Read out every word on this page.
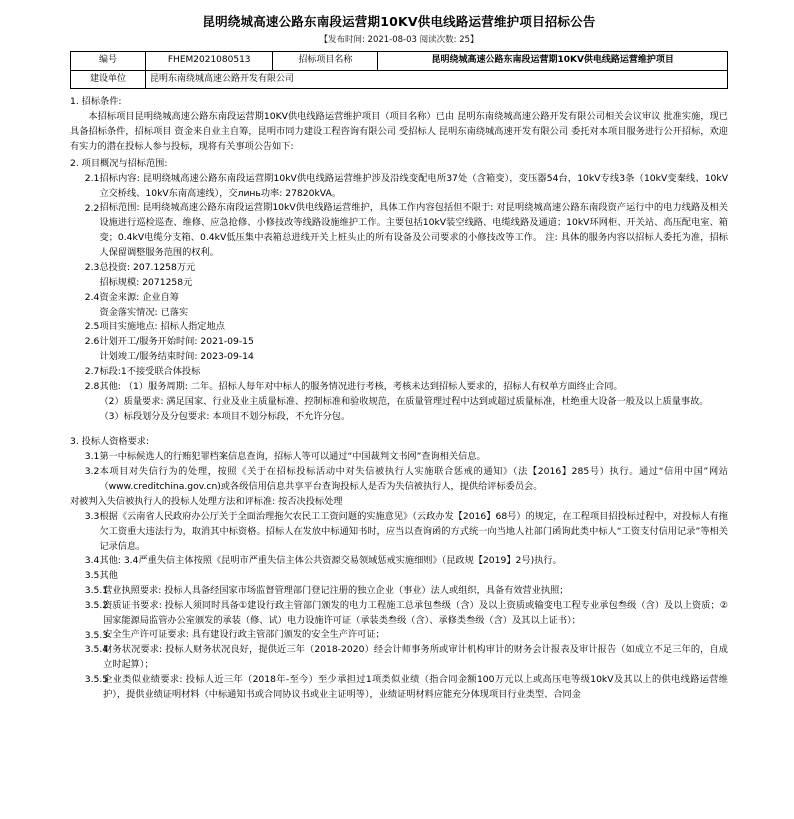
昆明绕城高速公路东南段运营期10KV供电线路运营维护项目招标公告
【发布时间: 2021-08-03 阅读次数: 25】
编号	FHEM2021080513	招标项目名称	昆明绕城高速公路东南段运营期10KV供电线路运营维护项目
建设单位	昆明东南绕城高速公路开发有限公司		
1. 招标条件:

本招标项目昆明绕城高速公路东南段运营期10KV供电线路运营维护项目（项目名称）已由 昆明东南绕城高速公路开发有限公司相关会议审议 批准实施，现已具备招标条件，招标项目 资金来自业主自筹，昆明市同力建设工程咨询有限公司 受招标人 昆明东南绕城高速开发有限公司 委托对本项目服务进行公开招标，欢迎有实力的潜在投标人参与投标，现将有关事项公告如下:

2. 项目概况与招标范围:

2.1 招标内容: 昆明绕城高速公路东南段运营期10kV供电线路运营维护涉及沿线变配电所37处（含箱变），变压器54台，10kV专线3条（10kV变秦线、10kV立交桥线、10kV东南高速线），交линь功率: 27820kVA。

2.2 招标范围: 昆明绕城高速公路东南段运营期10kV供电线路运营维护，具体工作内容包括但不限于: 对昆明绕城高速公路东南段资产运行中的电力线路及相关设施进行巡检巡查、维修、应急抢修、小修技改等线路设施维护工作。主要包括10kV装空线路、电缆线路及通道；10kV环网柜、开关站、高压配电室、箱变；0.4kV电缆分支箱、0.4kV低压集中表箱总进线开关上桩头止的所有设备及公司要求的小修技改等工作。 注: 具体的服务内容以招标人委托为准，招标人保留调整服务范围的权利。

2.3 总投资: 207.1258万元

招标规模: 2071258元

2.4 资金来源: 企业自筹

资金落实情况: 已落实

2.5 项目实施地点: 招标人指定地点

2.6 计划开工/服务开始时间: 2021-09-15

计划竣工/服务结束时间: 2023-09-14

2.7 标段:1不接受联合体投标

2.8 其他: （1）服务周期: 二年。招标人每年对中标人的服务情况进行考核，考核未达到招标人要求的，招标人有权单方面终止合同。

（2）质量要求: 满足国家、行业及业主质量标准、控制标准和验收规范，在质量管理过程中达到或超过质量标准，杜绝重大设备一般及以上质量事故。

（3）标段划分及分包要求: 本项目不划分标段，不允许分包。

3. 投标人资格要求:

3.1 第一中标候选人的行贿犯罪档案信息查询，招标人等可以通过“中国裁判文书网”查询相关信息。

3.2 本项目对失信行为的处理，按照《关于在招标投标活动中对失信被执行人实施联合惩戒的通知》（法【2016】285号）执行。通过“信用中国”网站（www.creditchina.gov.cn)或各级信用信息共享平台查询投标人是否为失信被执行人，提供给评标委员会。

对被判入失信被执行人的投标人处理方法和评标准: 按否决投标处理

3.3 根据《云南省人民政府办公厅关于全面治理拖欠农民工工资问题的实施意见》（云政办发【2016】68号）的规定，在工程项目招投标过程中，对投标人有拖欠工资重大违法行为，取消其中标资格。招标人在发放中标通知书时，应当以查询函的方式统一向当地人社部门函询此类中标人“工资支付信用记录”等相关记录信息。

3.4 其他: 3.4严重失信主体按照《昆明市严重失信主体公共资源交易领域惩戒实施细则》（昆政规【2019】2号)执行。

3.5 其他

3.5.1

营业执照要求: 投标人具备经国家市场监督管理部门登记注册的独立企业（事业）法人或组织，具备有效营业执照；

3.5.2

资质证书要求: 投标人须同时具备①建设行政主管部门颁发的电力工程施工总承包叁级（含）及以上资质或输变电工程专业承包叁级（含）及以上资质；②国家能源局监管办公室颁发的承装（修、试）电力设施许可证（承装类叁级（含）、承修类叁级（含）及其以上证书）；

3.5.3

安全生产许可证要求: 具有建设行政主管部门颁发的安全生产许可证；

3.5.4

财务状况要求: 投标人财务状况良好，提供近三年（2018-2020）经会计师事务所或审计机构审计的财务会计报表及审计报告（如成立不足三年的，自成立时起算）；

3.5.5

企业类似业绩要求: 投标人近三年（2018年-至今）至少承担过1项类似业绩（指合同金额100万元以上或高压电等级10kV及其以上的供电线路运营维护），提供业绩证明材料（中标通知书或合同协议书或业主证明等），业绩证明材料应能充分体现项目行业类型、合同金
